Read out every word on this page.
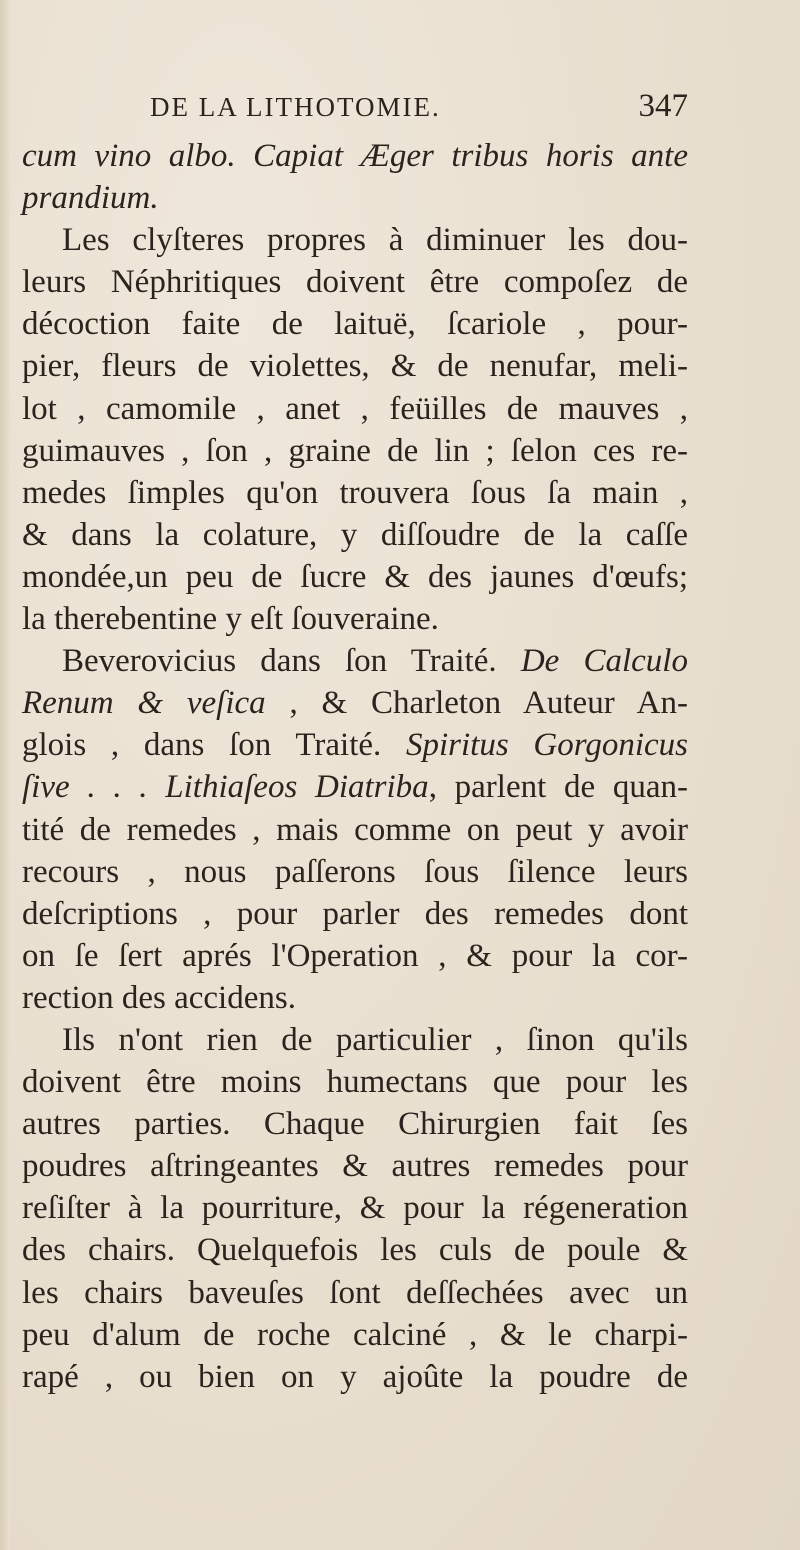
DE LA LITHOTOMIE.	347
cum vino albo. Capiat Æger tribus horis ante
prandium.
Les clyſteres propres à diminuer les dou-
leurs Néphritiques doivent être compoſez de
décoction faite de laituë, ſcariole , pour-
pier, fleurs de violettes, & de nenufar, meli-
lot , camomile , anet , feüilles de mauves ,
guimauves , ſon , graine de lin ; ſelon ces re-
medes ſimples qu'on trouvera ſous ſa main ,
& dans la colature, y diſſoudre de la caſſe
mondée,un peu de ſucre & des jaunes d'œufs;
la therebentine y eſt ſouveraine.
Beverovicius dans ſon Traité. De Calculo
Renum & veſica , & Charleton Auteur An-
glois , dans ſon Traité. Spiritus Gorgonicus
ſive . . . Lithiaſeos Diatriba, parlent de quan-
tité de remedes , mais comme on peut y avoir
recours , nous paſſerons ſous ſilence leurs
deſcriptions , pour parler des remedes dont
on ſe ſert aprés l'Operation , & pour la cor-
rection des accidens.
Ils n'ont rien de particulier , ſinon qu'ils
doivent être moins humectans que pour les
autres parties. Chaque Chirurgien fait ſes
poudres aſtringeantes & autres remedes pour
reſiſter à la pourriture, & pour la régeneration
des chairs. Quelquefois les culs de poule &
les chairs baveuſes ſont deſſechées avec un
peu d'alum de roche calciné , & le charpi-
rapé , ou bien on y ajoûte la poudre de
